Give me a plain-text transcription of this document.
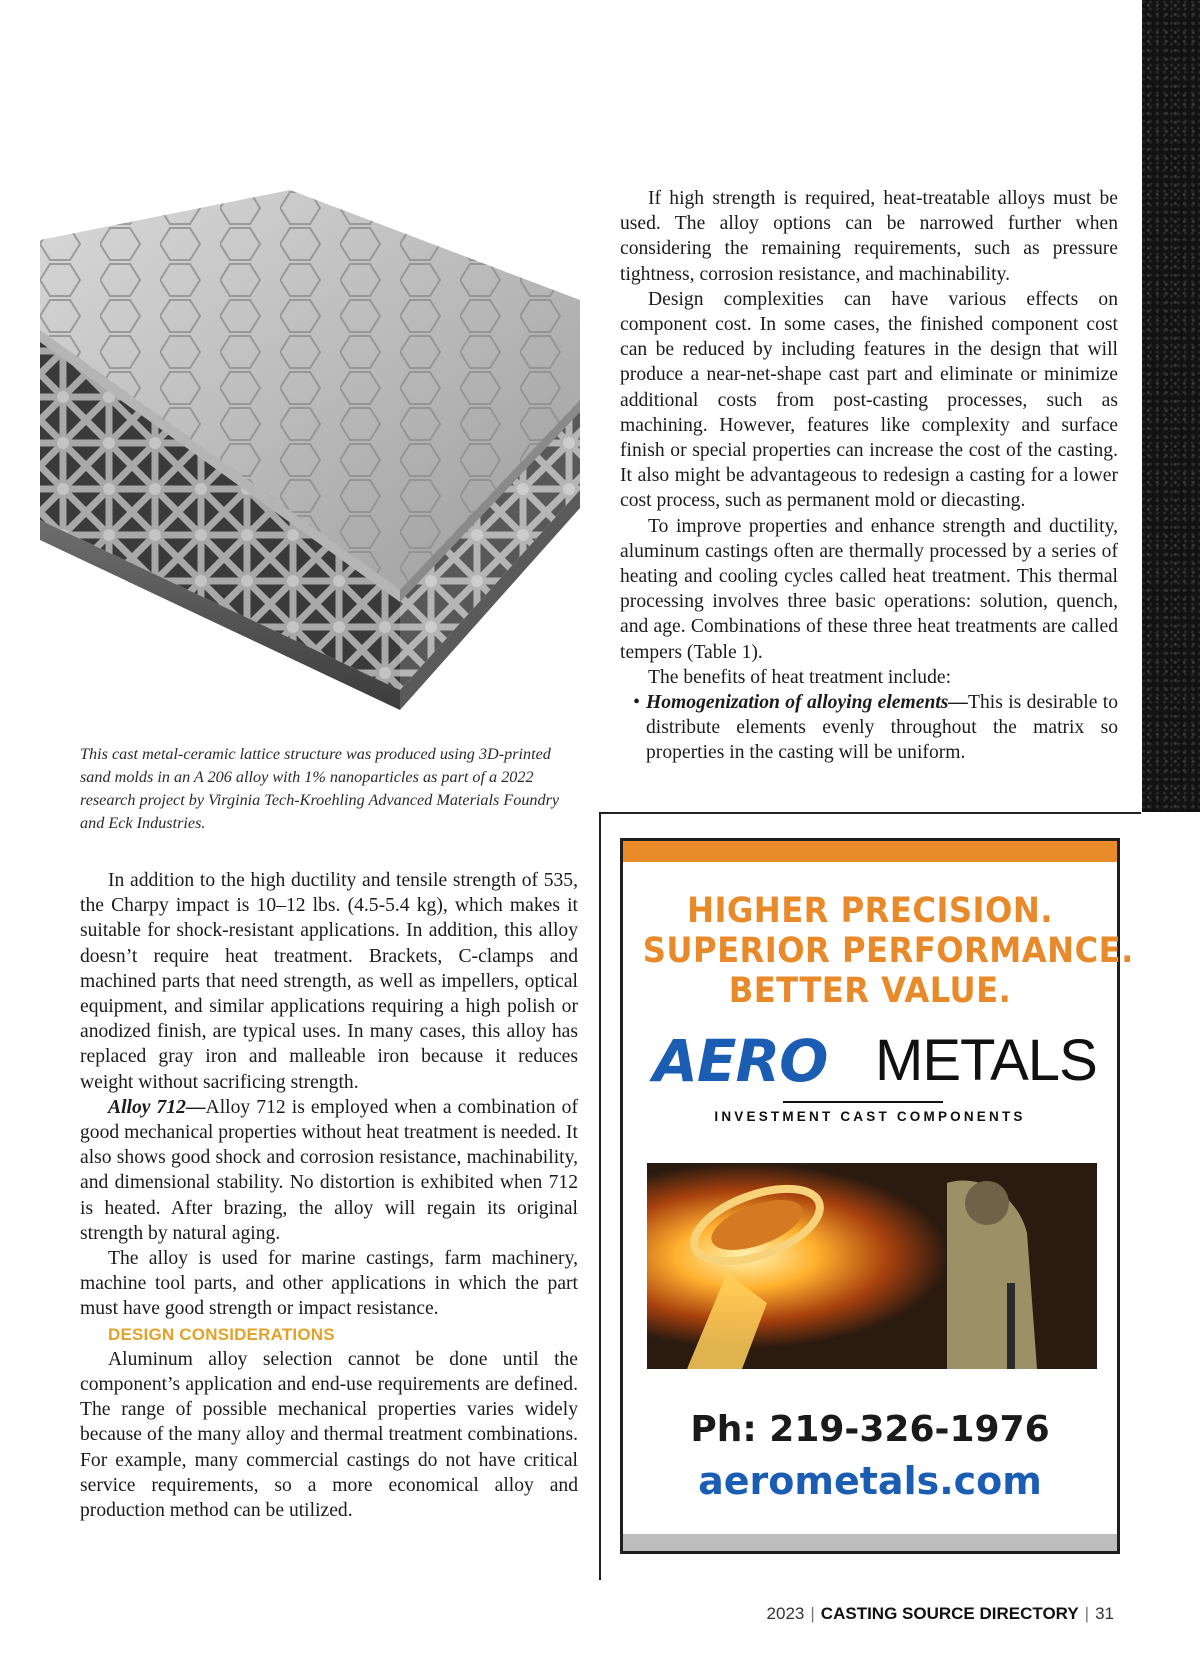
This cast metal-ceramic lattice structure was produced using 3D-printed sand molds in an A 206 alloy with 1% nanoparticles as part of a 2022 research project by Virginia Tech-Kroehling Advanced Materials Foundry and Eck Industries.

If high strength is required, heat-treatable alloys must be used. The alloy options can be narrowed further when considering the remaining requirements, such as pressure tightness, corrosion resistance, and machinability.

Design complexities can have various effects on component cost. In some cases, the finished component cost can be reduced by including features in the design that will produce a near-net-shape cast part and eliminate or minimize additional costs from post-casting processes, such as machining. However, features like complexity and surface finish or special properties can increase the cost of the casting. It also might be advantageous to redesign a casting for a lower cost process, such as permanent mold or diecasting.

To improve properties and enhance strength and ductility, aluminum castings often are thermally processed by a series of heating and cooling cycles called heat treatment. This thermal processing involves three basic operations: solution, quench, and age. Combinations of these three heat treatments are called tempers (Table 1).

The benefits of heat treatment include:

• Homogenization of alloying elements—This is desirable to distribute elements evenly throughout the matrix so properties in the casting will be uniform.

In addition to the high ductility and tensile strength of 535, the Charpy impact is 10–12 lbs. (4.5-5.4 kg), which makes it suitable for shock-resistant applications. In addition, this alloy doesn’t require heat treatment. Brackets, C-clamps and machined parts that need strength, as well as impellers, optical equipment, and similar applications requiring a high polish or anodized finish, are typical uses. In many cases, this alloy has replaced gray iron and malleable iron because it reduces weight without sacrificing strength.

Alloy 712—Alloy 712 is employed when a combination of good mechanical properties without heat treatment is needed. It also shows good shock and corrosion resistance, machinability, and dimensional stability. No distortion is exhibited when 712 is heated. After brazing, the alloy will regain its original strength by natural aging.

The alloy is used for marine castings, farm machinery, machine tool parts, and other applications in which the part must have good strength or impact resistance.

DESIGN CONSIDERATIONS

Aluminum alloy selection cannot be done until the component’s application and end-use requirements are defined. The range of possible mechanical properties varies widely because of the many alloy and thermal treatment combinations. For example, many commercial castings do not have critical service requirements, so a more economical alloy and production method can be utilized.

HIGHER PRECISION.
SUPERIOR PERFORMANCE.
BETTER VALUE.
AERO METALS
INVESTMENT CAST COMPONENTS
Ph: 219-326-1976
aerometals.com
2023 | CASTING SOURCE DIRECTORY | 31
